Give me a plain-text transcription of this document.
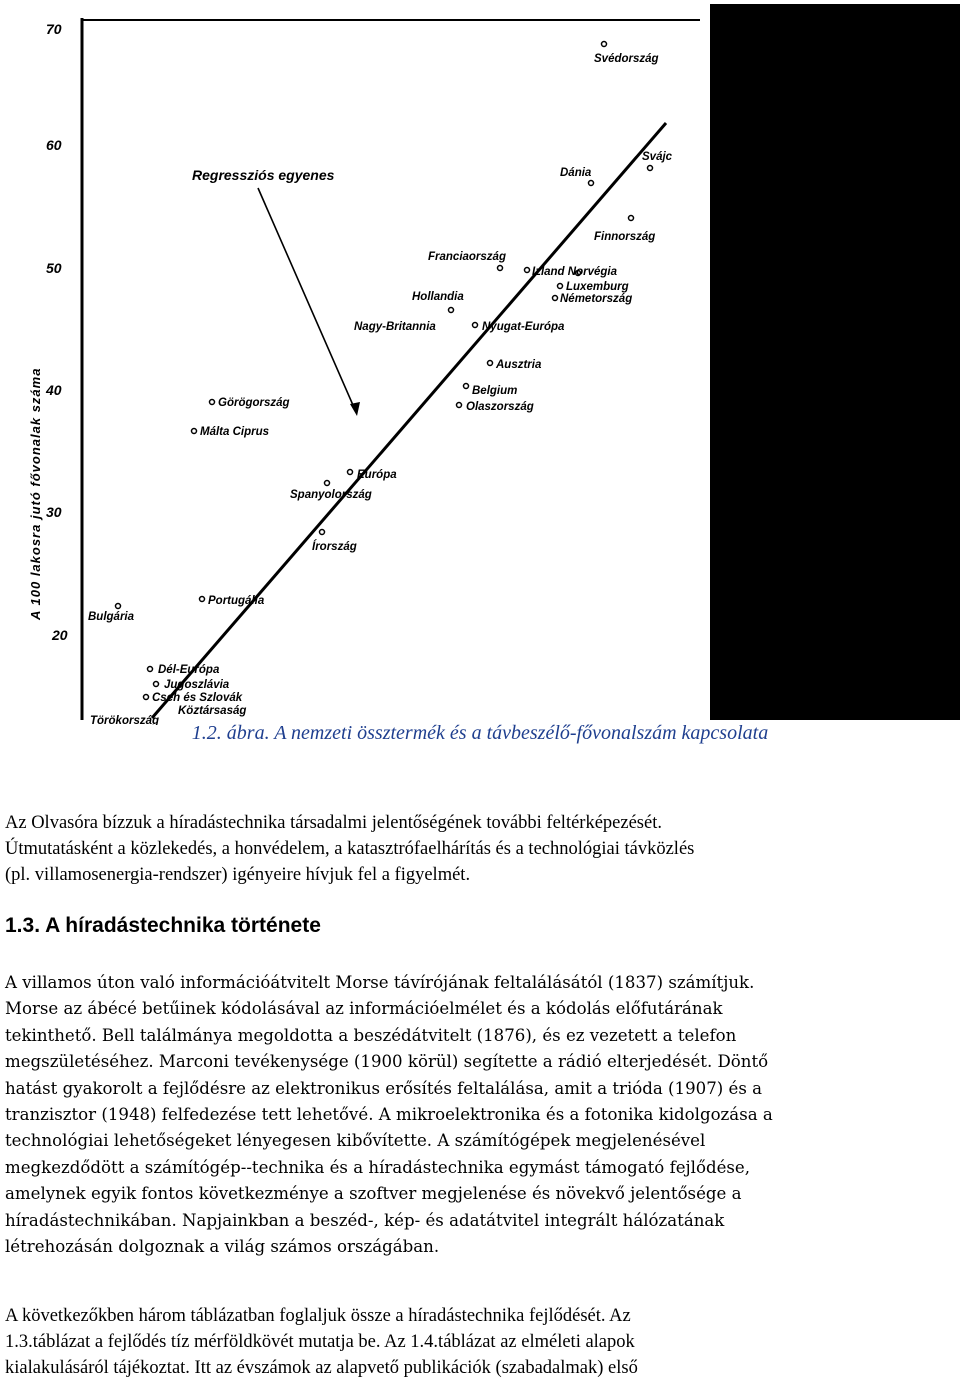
70
60
50
40
30
20
A 100 lakosra jutó fővonalak száma
Regressziós egyenes
Svédország
Svájc
Dánia
Finnország
Franciaország
Izland Norvégia
Luxemburg
Németország
Hollandia
Nagy-Britannia	Nyugat-Európa
Ausztria
Belgium
Olaszország
Görögország
Málta Ciprus
Európa
Spanyolország
Írország
Bulgária
Portugália
Dél-Európa
Jugoszlávia
Cseh és Szlovák
Köztársaság
Törökország
1.2. ábra. A nemzeti össztermék és a távbeszélő-fővonalszám kapcsolata
Az Olvasóra bízzuk a híradástechnika társadalmi jelentőségének további feltérképezését.
Útmutatásként a közlekedés, a honvédelem, a katasztrófaelhárítás és a technológiai távközlés
(pl. villamosenergia-rendszer) igényeire hívjuk fel a figyelmét.
1.3. A híradástechnika története
A villamos úton való információátvitelt Morse távírójának feltalálásától (1837) számítjuk.
Morse az ábécé betűinek kódolásával az információelmélet és a kódolás előfutárának
tekinthető. Bell találmánya megoldotta a beszédátvitelt (1876), és ez vezetett a telefon
megszületéséhez. Marconi tevékenysége (1900 körül) segítette a rádió elterjedését. Döntő
hatást gyakorolt a fejlődésre az elektronikus erősítés feltalálása, amit a trióda (1907) és a
tranzisztor (1948) felfedezése tett lehetővé. A mikroelektronika és a fotonika kidolgozása a
technológiai lehetőségeket lényegesen kibővítette. A számítógépek megjelenésével
megkezdődött a számítógép--technika és a híradástechnika egymást támogató fejlődése,
amelynek egyik fontos következménye a szoftver megjelenése és növekvő jelentősége a
híradástechnikában. Napjainkban a beszéd-, kép- és adatátvitel integrált hálózatának
létrehozásán dolgoznak a világ számos országában.
A következőkben három táblázatban foglaljuk össze a híradástechnika fejlődését. Az
1.3.táblázat a fejlődés tíz mérföldkövét mutatja be. Az 1.4.táblázat az elméleti alapok
kialakulásáról tájékoztat. Itt az évszámok az alapvető publikációk (szabadalmak) első
